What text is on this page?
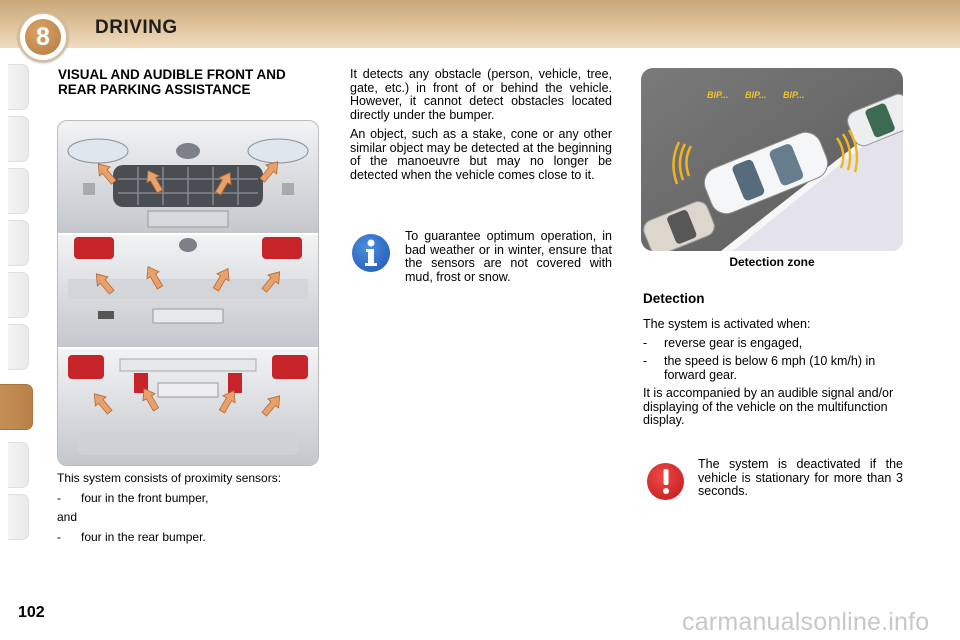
8	DRIVING
VISUAL AND AUDIBLE FRONT AND REAR PARKING ASSISTANCE

This system consists of proximity sensors:

-	four in the front bumper,

and

-	four in the rear bumper.

It detects any obstacle (person, vehicle, tree, gate, etc.) in front of or behind the vehicle. However, it cannot detect obstacles located directly under the bumper.

An object, such as a stake, cone or any other similar object may be detected at the beginning of the manoeuvre but may no longer be detected when the vehicle comes close to it.

To guarantee optimum operation, in bad weather or in winter, ensure that the sensors are not covered with mud, frost or snow.
BIP... BIP... BIP...
Detection zone
Detection

The system is activated when:

-	reverse gear is engaged,

-	the speed is below 6 mph (10 km/h) in forward gear.

It is accompanied by an audible signal and/or displaying of the vehicle on the multifunction display.

The system is deactivated if the vehicle is stationary for more than 3 seconds.
102	carmanualsonline.info
